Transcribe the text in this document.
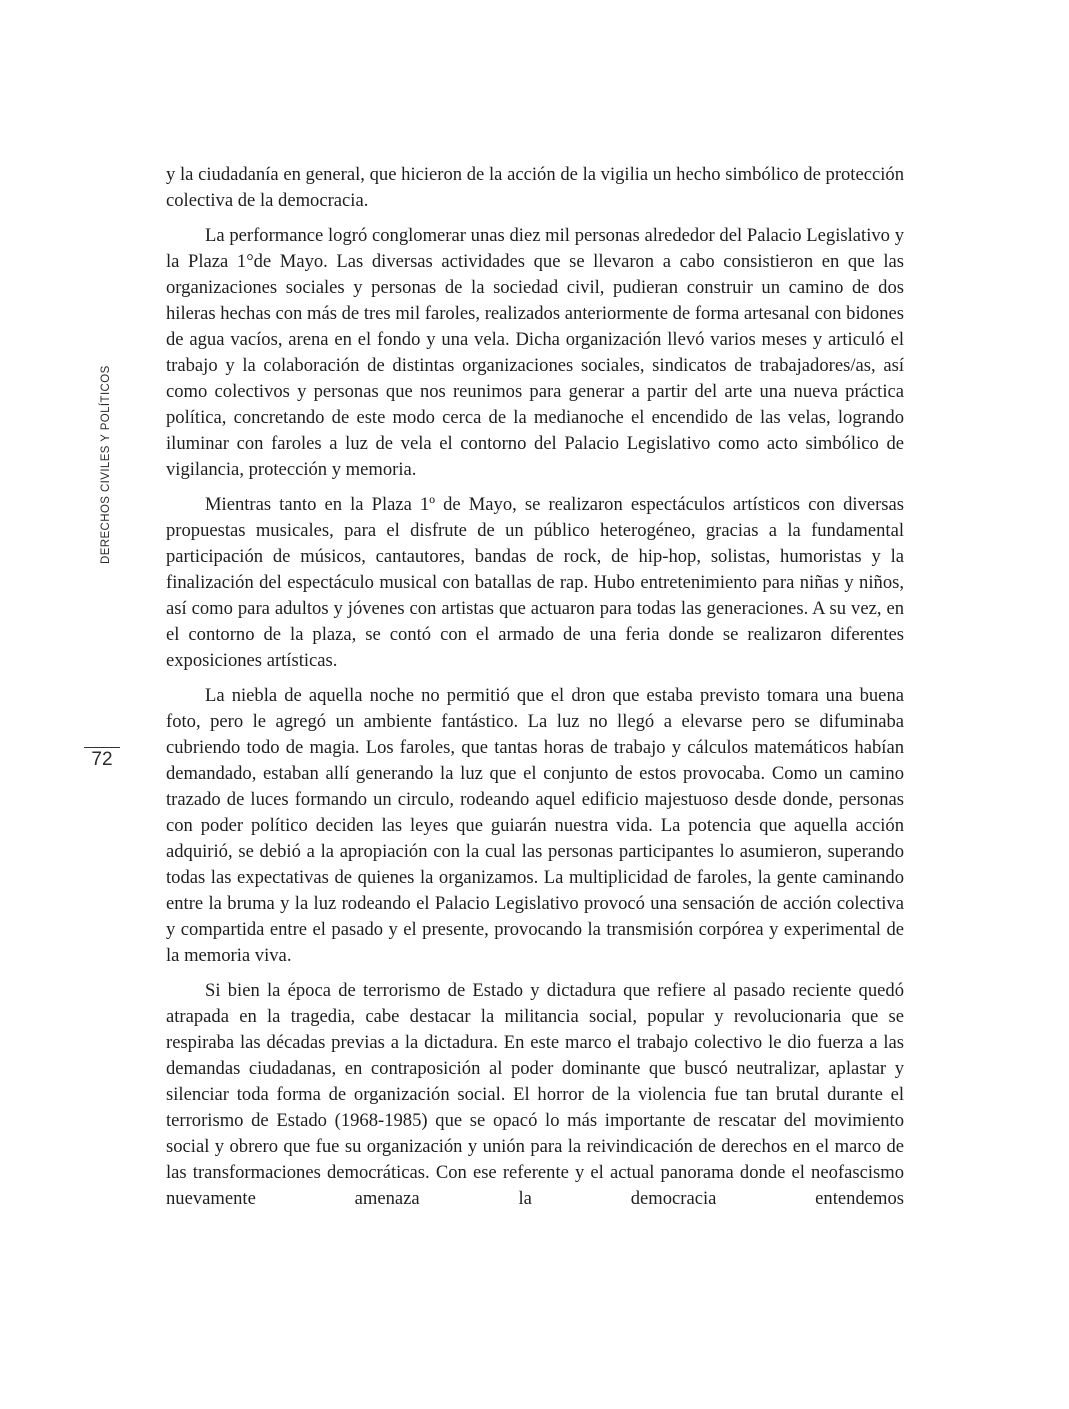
DERECHOS CIVILES Y POLÍTICOS
72

y la ciudadanía en general, que hicieron de la acción de la vigilia un hecho simbólico de protección colectiva de la democracia.

La performance logró conglomerar unas diez mil personas alrededor del Palacio Legislativo y la Plaza 1°de Mayo. Las diversas actividades que se llevaron a cabo consistieron en que las organizaciones sociales y personas de la sociedad civil, pudieran construir un camino de dos hileras hechas con más de tres mil faroles, realizados anteriormente de forma artesanal con bidones de agua vacíos, arena en el fondo y una vela. Dicha organización llevó varios meses y articuló el trabajo y la colaboración de distintas organizaciones sociales, sindicatos de trabajadores/as, así como colectivos y personas que nos reunimos para generar a partir del arte una nueva práctica política, concretando de este modo cerca de la medianoche el encendido de las velas, logrando iluminar con faroles a luz de vela el contorno del Palacio Legislativo como acto simbólico de vigilancia, protección y memoria.

Mientras tanto en la Plaza 1º de Mayo, se realizaron espectáculos artísticos con diversas propuestas musicales, para el disfrute de un público heterogéneo, gracias a la fundamental participación de músicos, cantautores, bandas de rock, de hip-hop, solistas, humoristas y la finalización del espectáculo musical con batallas de rap. Hubo entretenimiento para niñas y niños, así como para adultos y jóvenes con artistas que actuaron para todas las generaciones. A su vez, en el contorno de la plaza, se contó con el armado de una feria donde se realizaron diferentes exposiciones artísticas.

La niebla de aquella noche no permitió que el dron que estaba previsto tomara una buena foto, pero le agregó un ambiente fantástico. La luz no llegó a elevarse pero se difuminaba cubriendo todo de magia. Los faroles, que tantas horas de trabajo y cálculos matemáticos habían demandado, estaban allí generando la luz que el conjunto de estos provocaba. Como un camino trazado de luces formando un circulo, rodeando aquel edificio majestuoso desde donde, personas con poder político deciden las leyes que guiarán nuestra vida. La potencia que aquella acción adquirió, se debió a la apropiación con la cual las personas participantes lo asumieron, superando todas las expectativas de quienes la organizamos. La multiplicidad de faroles, la gente caminando entre la bruma y la luz rodeando el Palacio Legislativo provocó una sensación de acción colectiva y compartida entre el pasado y el presente, provocando la transmisión corpórea y experimental de la memoria viva.

Si bien la época de terrorismo de Estado y dictadura que refiere al pasado reciente quedó atrapada en la tragedia, cabe destacar la militancia social, popular y revolucionaria que se respiraba las décadas previas a la dictadura. En este marco el trabajo colectivo le dio fuerza a las demandas ciudadanas, en contraposición al poder dominante que buscó neutralizar, aplastar y silenciar toda forma de organización social. El horror de la violencia fue tan brutal durante el terrorismo de Estado (1968-1985) que se opacó lo más importante de rescatar del movimiento social y obrero que fue su organización y unión para la reivindicación de derechos en el marco de las transformaciones democráticas. Con ese referente y el actual panorama donde el neofascismo nuevamente amenaza la democracia entendemos
